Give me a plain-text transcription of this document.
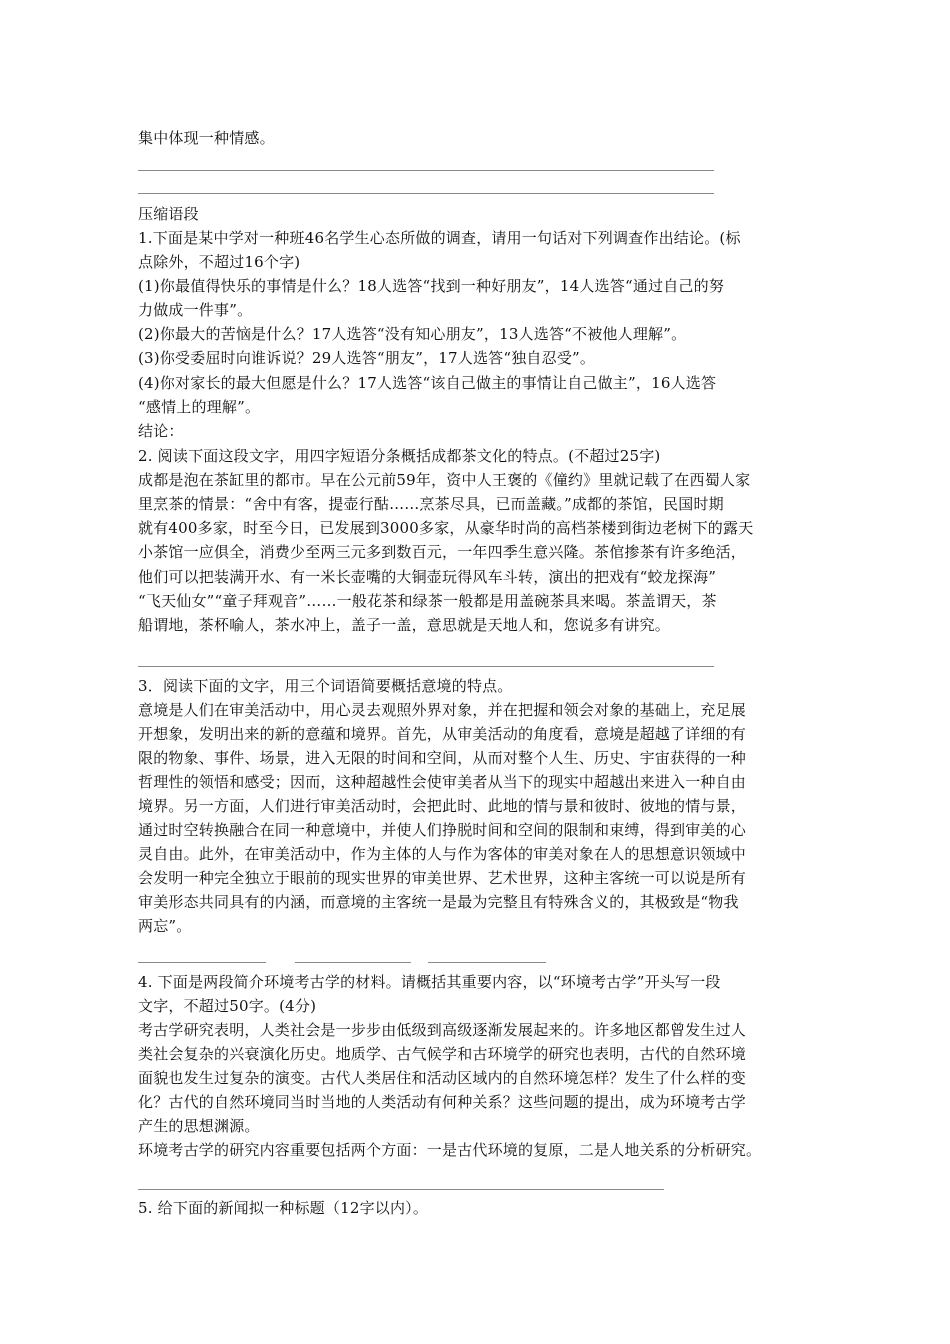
集中体现一种情感。
压缩语段
1.下面是某中学对一种班46名学生心态所做的调查，请用一句话对下列调查作出结论。(标
点除外，不超过16个字)
(1)你最值得快乐的事情是什么？18人选答“找到一种好朋友”，14人选答“通过自己的努
力做成一件事”。
(2)你最大的苦恼是什么？17人选答“没有知心朋友”，13人选答“不被他人理解”。
(3)你受委屈时向谁诉说？29人选答“朋友”，17人选答“独自忍受”。
(4)你对家长的最大但愿是什么？17人选答“该自己做主的事情让自己做主”，16人选答
“感情上的理解”。
结论：
2. 阅读下面这段文字，用四字短语分条概括成都茶文化的特点。(不超过25字)
成都是泡在茶缸里的都市。早在公元前59年，资中人王褒的《僮约》里就记载了在西蜀人家
里烹茶的情景：“舍中有客，提壶行酤……烹茶尽具，已而盖藏。”成都的茶馆，民国时期
就有400多家，时至今日，已发展到3000多家，从豪华时尚的高档茶楼到街边老树下的露天
小茶馆一应俱全，消费少至两三元多到数百元，一年四季生意兴隆。茶倌掺茶有许多绝活，
他们可以把装满开水、有一米长壶嘴的大铜壶玩得风车斗转，演出的把戏有“蛟龙探海”
“飞天仙女”“童子拜观音”……一般花茶和绿茶一般都是用盖碗茶具来喝。茶盖谓天，茶
船谓地，茶杯喻人，茶水冲上，盖子一盖，意思就是天地人和，您说多有讲究。
3．阅读下面的文字，用三个词语简要概括意境的特点。
意境是人们在审美活动中，用心灵去观照外界对象，并在把握和领会对象的基础上，充足展
开想象，发明出来的新的意蕴和境界。首先，从审美活动的角度看，意境是超越了详细的有
限的物象、事件、场景，进入无限的时间和空间，从而对整个人生、历史、宇宙获得的一种
哲理性的领悟和感受；因而，这种超越性会使审美者从当下的现实中超越出来进入一种自由
境界。另一方面，人们进行审美活动时，会把此时、此地的情与景和彼时、彼地的情与景，
通过时空转换融合在同一种意境中，并使人们挣脱时间和空间的限制和束缚，得到审美的心
灵自由。此外，在审美活动中，作为主体的人与作为客体的审美对象在人的思想意识领域中
会发明一种完全独立于眼前的现实世界的审美世界、艺术世界，这种主客统一可以说是所有
审美形态共同具有的内涵，而意境的主客统一是最为完整且有特殊含义的，其极致是“物我
两忘”。
4. 下面是两段简介环境考古学的材料。请概括其重要内容，以“环境考古学”开头写一段
文字，不超过50字。(4分)
考古学研究表明，人类社会是一步步由低级到高级逐渐发展起来的。许多地区都曾发生过人
类社会复杂的兴衰演化历史。地质学、古气候学和古环境学的研究也表明，古代的自然环境
面貌也发生过复杂的演变。古代人类居住和活动区域内的自然环境怎样？发生了什么样的变
化？古代的自然环境同当时当地的人类活动有何种关系？这些问题的提出，成为环境考古学
产生的思想渊源。
环境考古学的研究内容重要包括两个方面：一是古代环境的复原，二是人地关系的分析研究。
5. 给下面的新闻拟一种标题（12字以内）。
